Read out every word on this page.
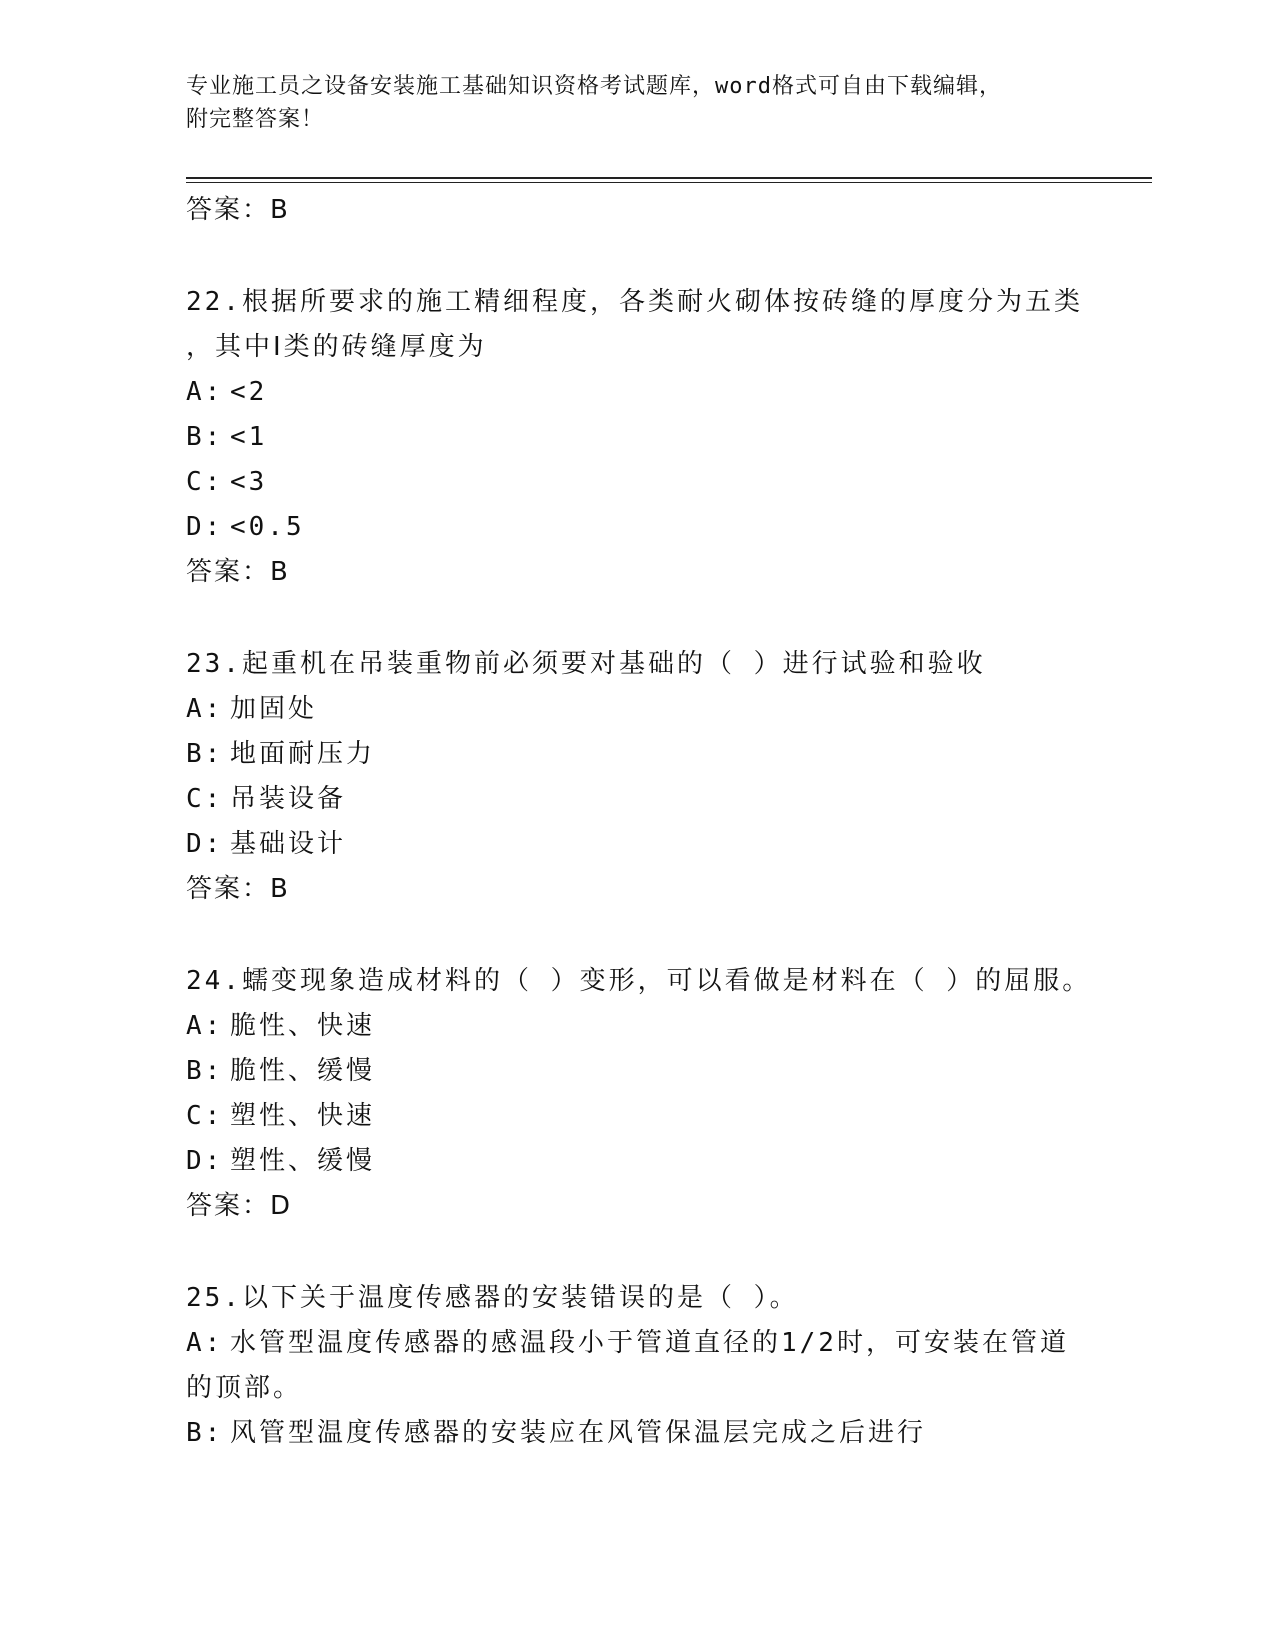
专业施工员之设备安装施工基础知识资格考试题库，word格式可自由下载编辑，
附完整答案！
答案：B
22.根据所要求的施工精细程度，各类耐火砌体按砖缝的厚度分为五类
，其中Ⅰ类的砖缝厚度为
A: <2
B: <1
C: <3
D: <0.5
答案：B
23.起重机在吊装重物前必须要对基础的（ ）进行试验和验收
A: 加固处
B: 地面耐压力
C: 吊装设备
D: 基础设计
答案：B
24.蠕变现象造成材料的（ ）变形，可以看做是材料在（ ）的屈服。
A: 脆性、快速
B: 脆性、缓慢
C: 塑性、快速
D: 塑性、缓慢
答案：D
25.以下关于温度传感器的安装错误的是（ ）。
A: 水管型温度传感器的感温段小于管道直径的1/2时，可安装在管道
的顶部。
B: 风管型温度传感器的安装应在风管保温层完成之后进行
